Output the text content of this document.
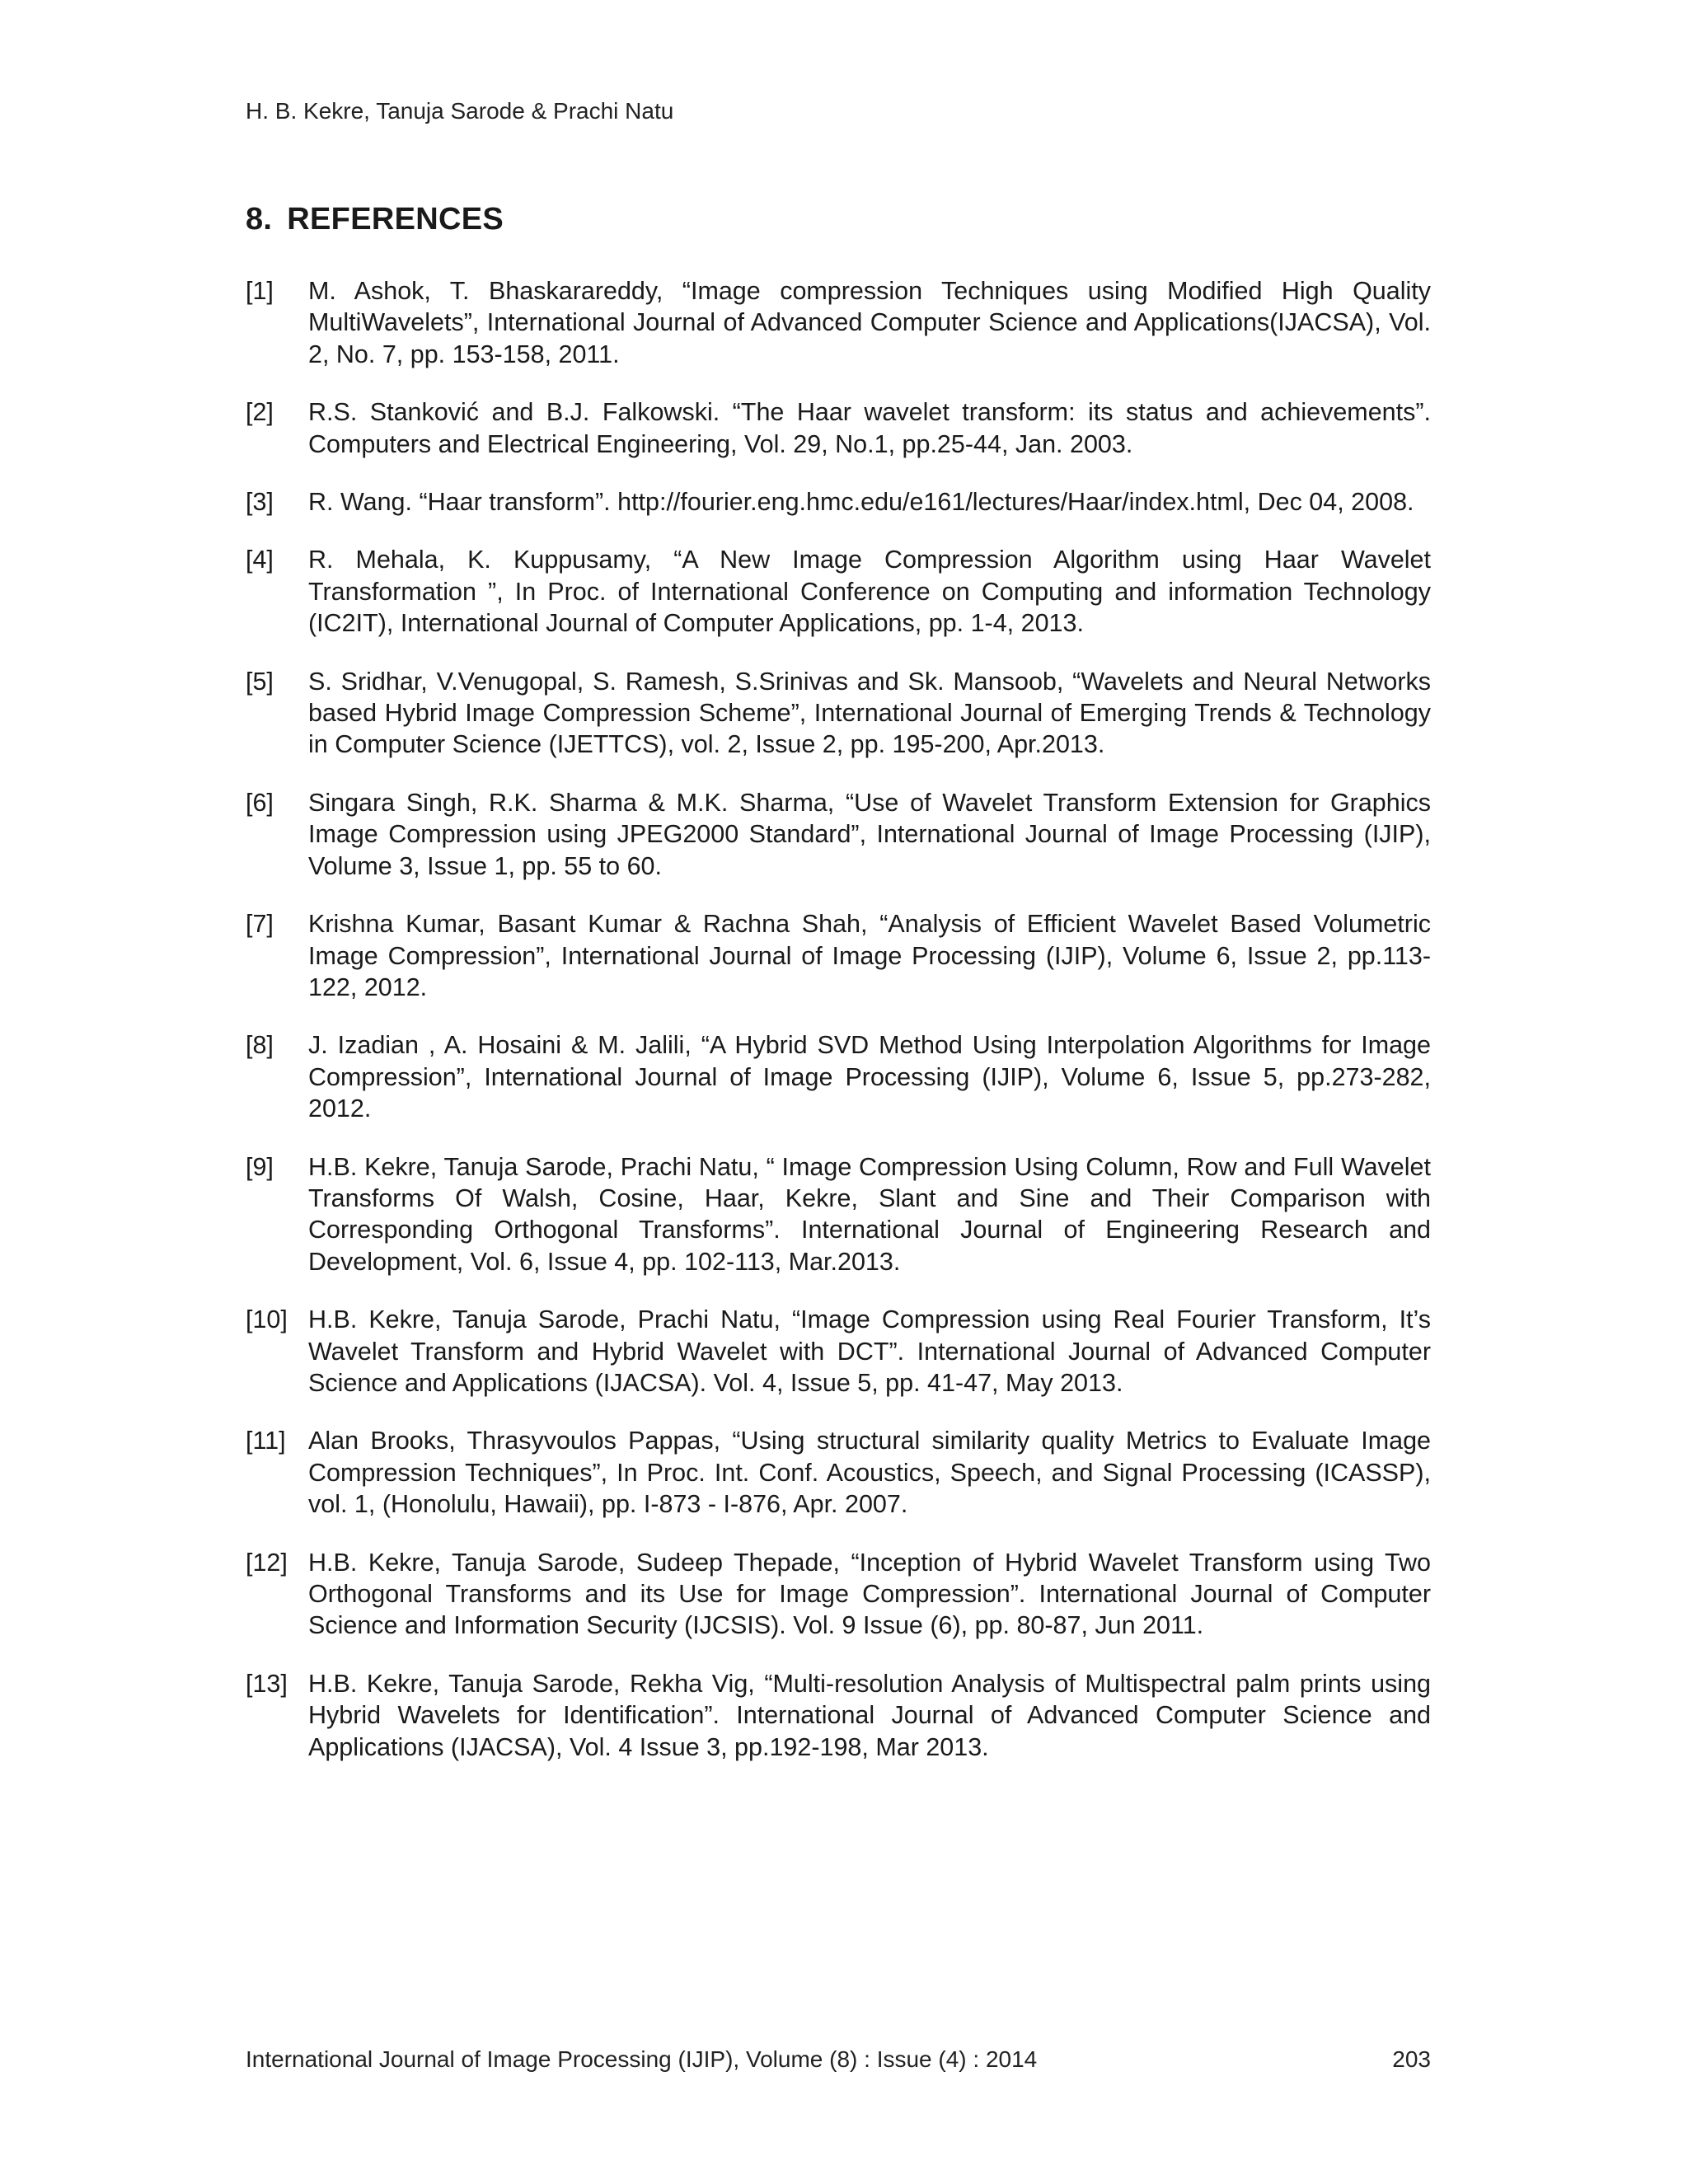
H. B. Kekre, Tanuja Sarode & Prachi Natu
8. REFERENCES
[1] M. Ashok, T. Bhaskarareddy, “Image compression Techniques using Modified High Quality MultiWavelets”, International Journal of Advanced Computer Science and Applications(IJACSA), Vol. 2, No. 7, pp. 153-158, 2011.
[2] R.S. Stanković and B.J. Falkowski. “The Haar wavelet transform: its status and achievements”. Computers and Electrical Engineering, Vol. 29, No.1, pp.25-44, Jan. 2003.
[3] R. Wang. “Haar transform”. http://fourier.eng.hmc.edu/e161/lectures/Haar/index.html, Dec 04, 2008.
[4] R. Mehala, K. Kuppusamy, “A New Image Compression Algorithm using Haar Wavelet Transformation ”, In Proc. of International Conference on Computing and information Technology (IC2IT), International Journal of Computer Applications, pp. 1-4, 2013.
[5] S. Sridhar, V.Venugopal, S. Ramesh, S.Srinivas and Sk. Mansoob, “Wavelets and Neural Networks based Hybrid Image Compression Scheme”, International Journal of Emerging Trends & Technology in Computer Science (IJETTCS), vol. 2, Issue 2, pp. 195-200, Apr.2013.
[6] Singara Singh, R.K. Sharma & M.K. Sharma, “Use of Wavelet Transform Extension for Graphics Image Compression using JPEG2000 Standard”, International Journal of Image Processing (IJIP), Volume 3, Issue 1, pp. 55 to 60.
[7] Krishna Kumar, Basant Kumar & Rachna Shah, “Analysis of Efficient Wavelet Based Volumetric Image Compression”, International Journal of Image Processing (IJIP), Volume 6, Issue 2, pp.113-122, 2012.
[8] J. Izadian , A. Hosaini & M. Jalili, “A Hybrid SVD Method Using Interpolation Algorithms for Image Compression”, International Journal of Image Processing (IJIP), Volume 6, Issue 5, pp.273-282, 2012.
[9] H.B. Kekre, Tanuja Sarode, Prachi Natu, “ Image Compression Using Column, Row and Full Wavelet Transforms Of Walsh, Cosine, Haar, Kekre, Slant and Sine and Their Comparison with Corresponding Orthogonal Transforms”. International Journal of Engineering Research and Development, Vol. 6, Issue 4, pp. 102-113, Mar.2013.
[10] H.B. Kekre, Tanuja Sarode, Prachi Natu, “Image Compression using Real Fourier Transform, It’s Wavelet Transform and Hybrid Wavelet with DCT”. International Journal of Advanced Computer Science and Applications (IJACSA). Vol. 4, Issue 5, pp. 41-47, May 2013.
[11] Alan Brooks, Thrasyvoulos Pappas, “Using structural similarity quality Metrics to Evaluate Image Compression Techniques”, In Proc. Int. Conf. Acoustics, Speech, and Signal Processing (ICASSP), vol. 1, (Honolulu, Hawaii), pp. I-873 - I-876, Apr. 2007.
[12] H.B. Kekre, Tanuja Sarode, Sudeep Thepade, “Inception of Hybrid Wavelet Transform using Two Orthogonal Transforms and its Use for Image Compression”. International Journal of Computer Science and Information Security (IJCSIS). Vol. 9 Issue (6), pp. 80-87, Jun 2011.
[13] H.B. Kekre, Tanuja Sarode, Rekha Vig, “Multi-resolution Analysis of Multispectral palm prints using Hybrid Wavelets for Identification”. International Journal of Advanced Computer Science and Applications (IJACSA), Vol. 4 Issue 3, pp.192-198, Mar 2013.
International Journal of Image Processing (IJIP), Volume (8) : Issue (4) : 2014	203
